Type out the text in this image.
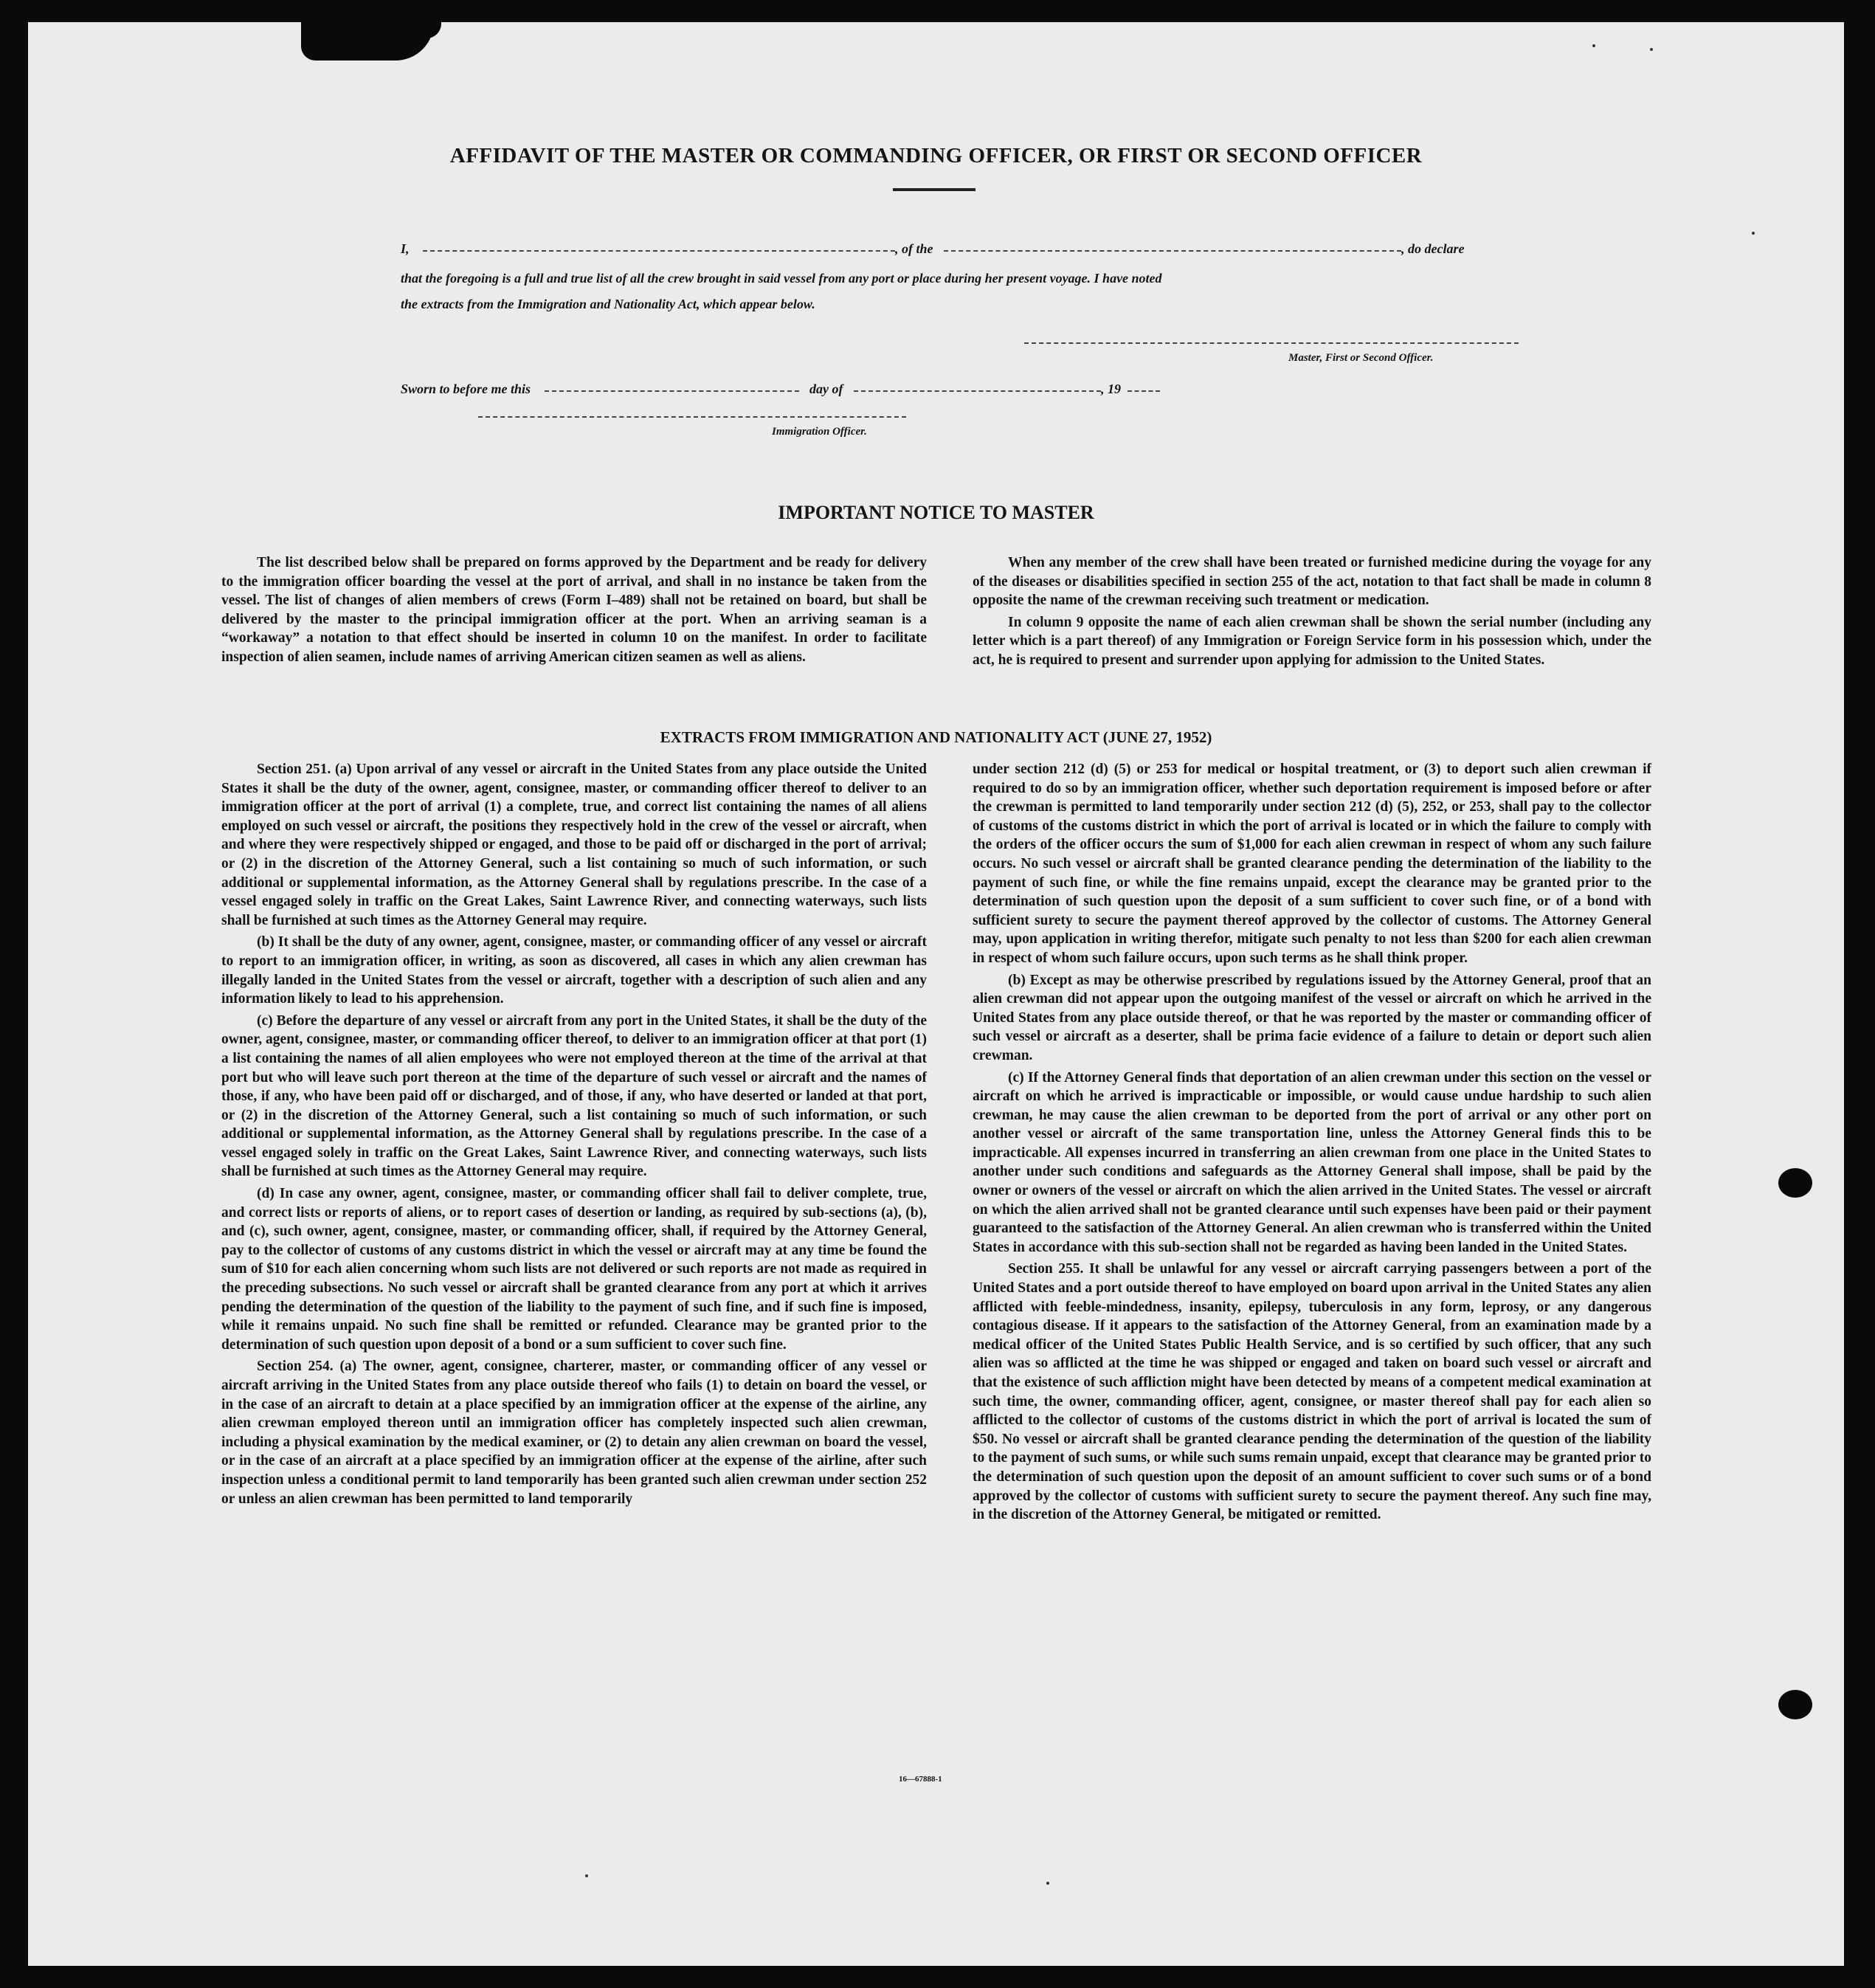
AFFIDAVIT OF THE MASTER OR COMMANDING OFFICER, OR FIRST OR SECOND OFFICER
I,	, of the	, do declare
that the foregoing is a full and true list of all the crew brought in said vessel from any port or place during her present voyage. I have noted
the extracts from the Immigration and Nationality Act, which appear below.
Master, First or Second Officer.
Sworn to before me this	day of	, 19
Immigration Officer.
IMPORTANT NOTICE TO MASTER

The list described below shall be prepared on forms approved by the Department and be ready for delivery to the immigration officer boarding the vessel at the port of arrival, and shall in no instance be taken from the vessel. The list of changes of alien members of crews (Form I–489) shall not be retained on board, but shall be delivered by the master to the principal immigration officer at the port. When an arriving seaman is a “workaway” a notation to that effect should be inserted in column 10 on the manifest. In order to facilitate inspection of alien seamen, include names of arriving American citizen seamen as well as aliens.

When any member of the crew shall have been treated or furnished medicine during the voyage for any of the diseases or disabilities specified in section 255 of the act, notation to that fact shall be made in column 8 opposite the name of the crewman receiving such treatment or medication.

In column 9 opposite the name of each alien crewman shall be shown the serial number (including any letter which is a part thereof) of any Immigration or Foreign Service form in his possession which, under the act, he is required to present and surrender upon applying for admission to the United States.

EXTRACTS FROM IMMIGRATION AND NATIONALITY ACT (JUNE 27, 1952)

Section 251. (a) Upon arrival of any vessel or aircraft in the United States from any place outside the United States it shall be the duty of the owner, agent, consignee, master, or commanding officer thereof to deliver to an immigration officer at the port of arrival (1) a complete, true, and correct list containing the names of all aliens employed on such vessel or aircraft, the positions they respectively hold in the crew of the vessel or aircraft, when and where they were respectively shipped or engaged, and those to be paid off or discharged in the port of arrival; or (2) in the discretion of the Attorney General, such a list containing so much of such information, or such additional or supplemental information, as the Attorney General shall by regulations prescribe. In the case of a vessel engaged solely in traffic on the Great Lakes, Saint Lawrence River, and connecting waterways, such lists shall be furnished at such times as the Attorney General may require.

(b) It shall be the duty of any owner, agent, consignee, master, or commanding officer of any vessel or aircraft to report to an immigration officer, in writing, as soon as discovered, all cases in which any alien crewman has illegally landed in the United States from the vessel or aircraft, together with a description of such alien and any information likely to lead to his apprehension.

(c) Before the departure of any vessel or aircraft from any port in the United States, it shall be the duty of the owner, agent, consignee, master, or commanding officer thereof, to deliver to an immigration officer at that port (1) a list containing the names of all alien employees who were not employed thereon at the time of the arrival at that port but who will leave such port thereon at the time of the departure of such vessel or aircraft and the names of those, if any, who have been paid off or discharged, and of those, if any, who have deserted or landed at that port, or (2) in the discretion of the Attorney General, such a list containing so much of such information, or such additional or supplemental information, as the Attorney General shall by regulations prescribe. In the case of a vessel engaged solely in traffic on the Great Lakes, Saint Lawrence River, and connecting waterways, such lists shall be furnished at such times as the Attorney General may require.

(d) In case any owner, agent, consignee, master, or commanding officer shall fail to deliver complete, true, and correct lists or reports of aliens, or to report cases of desertion or landing, as required by sub-sections (a), (b), and (c), such owner, agent, consignee, master, or commanding officer, shall, if required by the Attorney General, pay to the collector of customs of any customs district in which the vessel or aircraft may at any time be found the sum of $10 for each alien concerning whom such lists are not delivered or such reports are not made as required in the preceding subsections. No such vessel or aircraft shall be granted clearance from any port at which it arrives pending the determination of the question of the liability to the payment of such fine, and if such fine is imposed, while it remains unpaid. No such fine shall be remitted or refunded. Clearance may be granted prior to the determination of such question upon deposit of a bond or a sum sufficient to cover such fine.

Section 254. (a) The owner, agent, consignee, charterer, master, or commanding officer of any vessel or aircraft arriving in the United States from any place outside thereof who fails (1) to detain on board the vessel, or in the case of an aircraft to detain at a place specified by an immigration officer at the expense of the airline, any alien crewman employed thereon until an immigration officer has completely inspected such alien crewman, including a physical examination by the medical examiner, or (2) to detain any alien crewman on board the vessel, or in the case of an aircraft at a place specified by an immigration officer at the expense of the airline, after such inspection unless a conditional permit to land temporarily has been granted such alien crewman under section 252 or unless an alien crewman has been permitted to land temporarily

under section 212 (d) (5) or 253 for medical or hospital treatment, or (3) to deport such alien crewman if required to do so by an immigration officer, whether such deportation requirement is imposed before or after the crewman is permitted to land temporarily under section 212 (d) (5), 252, or 253, shall pay to the collector of customs of the customs district in which the port of arrival is located or in which the failure to comply with the orders of the officer occurs the sum of $1,000 for each alien crewman in respect of whom any such failure occurs. No such vessel or aircraft shall be granted clearance pending the determination of the liability to the payment of such fine, or while the fine remains unpaid, except the clearance may be granted prior to the determination of such question upon the deposit of a sum sufficient to cover such fine, or of a bond with sufficient surety to secure the payment thereof approved by the collector of customs. The Attorney General may, upon application in writing therefor, mitigate such penalty to not less than $200 for each alien crewman in respect of whom such failure occurs, upon such terms as he shall think proper.

(b) Except as may be otherwise prescribed by regulations issued by the Attorney General, proof that an alien crewman did not appear upon the outgoing manifest of the vessel or aircraft on which he arrived in the United States from any place outside thereof, or that he was reported by the master or commanding officer of such vessel or aircraft as a deserter, shall be prima facie evidence of a failure to detain or deport such alien crewman.

(c) If the Attorney General finds that deportation of an alien crewman under this section on the vessel or aircraft on which he arrived is impracticable or impossible, or would cause undue hardship to such alien crewman, he may cause the alien crewman to be deported from the port of arrival or any other port on another vessel or aircraft of the same transportation line, unless the Attorney General finds this to be impracticable. All expenses incurred in transferring an alien crewman from one place in the United States to another under such conditions and safeguards as the Attorney General shall impose, shall be paid by the owner or owners of the vessel or aircraft on which the alien arrived in the United States. The vessel or aircraft on which the alien arrived shall not be granted clearance until such expenses have been paid or their payment guaranteed to the satisfaction of the Attorney General. An alien crewman who is transferred within the United States in accordance with this sub-section shall not be regarded as having been landed in the United States.

Section 255. It shall be unlawful for any vessel or aircraft carrying passengers between a port of the United States and a port outside thereof to have employed on board upon arrival in the United States any alien afflicted with feeble-mindedness, insanity, epilepsy, tuberculosis in any form, leprosy, or any dangerous contagious disease. If it appears to the satisfaction of the Attorney General, from an examination made by a medical officer of the United States Public Health Service, and is so certified by such officer, that any such alien was so afflicted at the time he was shipped or engaged and taken on board such vessel or aircraft and that the existence of such affliction might have been detected by means of a competent medical examination at such time, the owner, commanding officer, agent, consignee, or master thereof shall pay for each alien so afflicted to the collector of customs of the customs district in which the port of arrival is located the sum of $50. No vessel or aircraft shall be granted clearance pending the determination of the question of the liability to the payment of such sums, or while such sums remain unpaid, except that clearance may be granted prior to the determination of such question upon the deposit of an amount sufficient to cover such sums or of a bond approved by the collector of customs with sufficient surety to secure the payment thereof. Any such fine may, in the discretion of the Attorney General, be mitigated or remitted.

16—67888-1
